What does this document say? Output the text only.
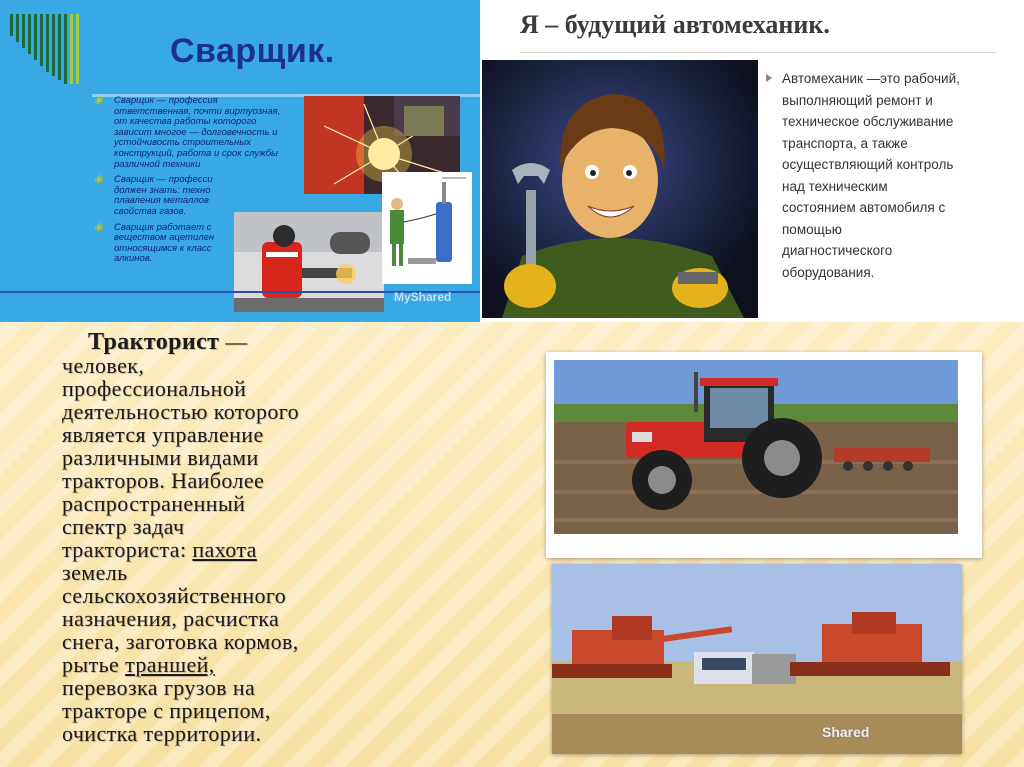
Сварщик.
◉ Сварщик — профессия ответственная, почти виртуозная, от качества работы которого зависит многое — долговечность и устойчивость строительных конструкций, работа и срок службы различной техники
◉ Сварщик — професси должен знать: техно плавления металлов свойства газов.
◉ Сварщик работает с веществом ацетилен относящимся к класс алкинов.
MyShared
Я – будущий автомеханик.
Автомеханик —это рабочий,
выполняющий ремонт и
техническое обслуживание
транспорта, а также
осуществляющий контроль
над техническим
состоянием автомобиля с
помощью
диагностического
оборудования.
Тракторист —
человек,
профессиональной
деятельностью которого
является управление
различными видами
тракторов. Наиболее
распространенный
спектр задач
тракториста: пахота
земель
сельскохозяйственного
назначения, расчистка
снега, заготовка кормов,
рытье траншей,
перевозка грузов на
тракторе с прицепом,
очистка территории.	Shared
